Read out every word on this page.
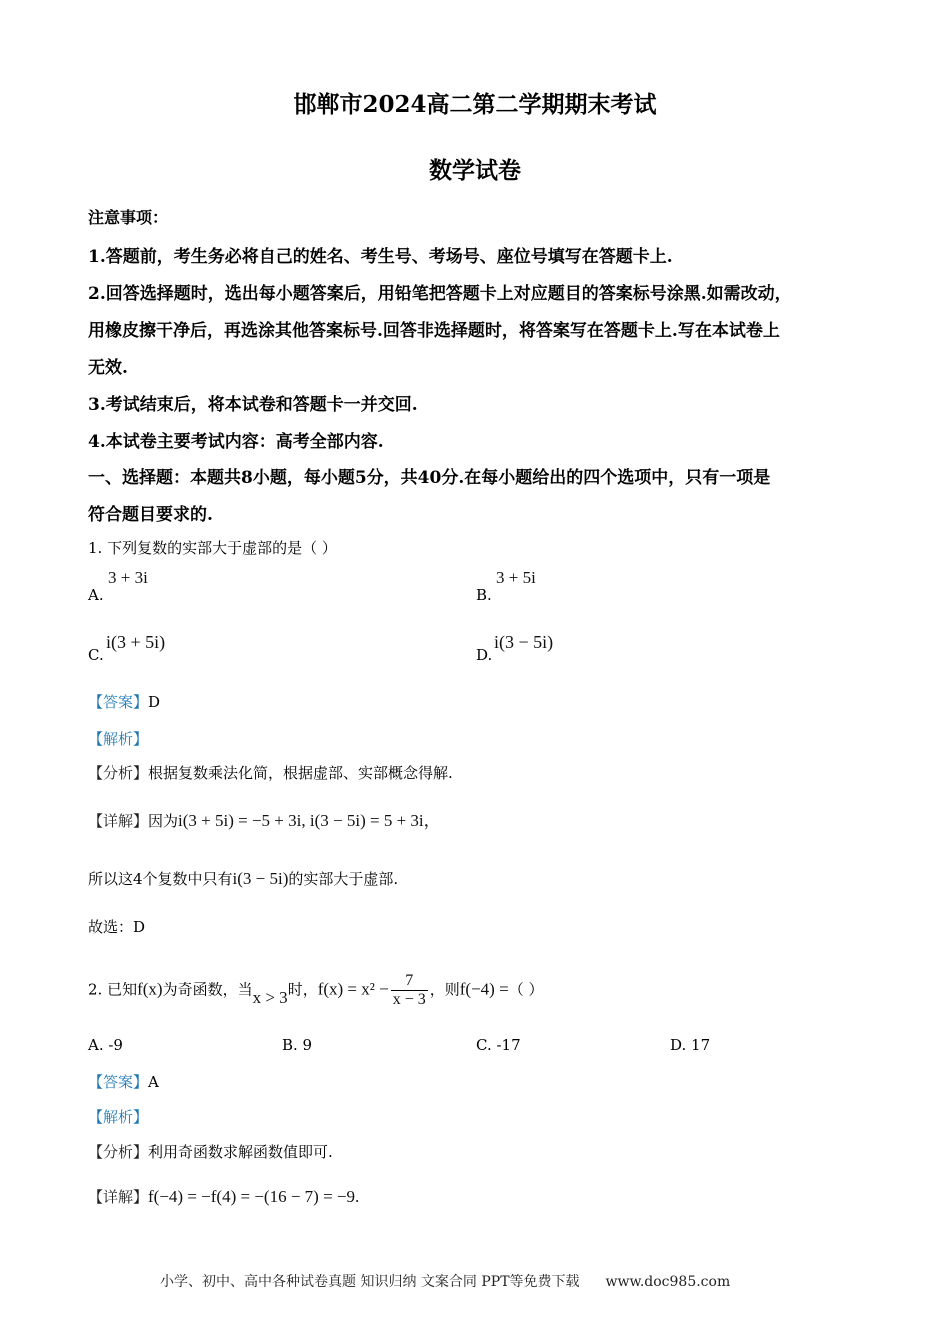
邯郸市2024高二第二学期期末考试
数学试卷
注意事项：
1.答题前，考生务必将自己的姓名、考生号、考场号、座位号填写在答题卡上.
2.回答选择题时，选出每小题答案后，用铅笔把答题卡上对应题目的答案标号涂黑.如需改动，
用橡皮擦干净后，再选涂其他答案标号.回答非选择题时，将答案写在答题卡上.写在本试卷上
无效.
3.考试结束后，将本试卷和答题卡一并交回.
4.本试卷主要考试内容：高考全部内容.
一、选择题：本题共8小题，每小题5分，共40分.在每小题给出的四个选项中，只有一项是
符合题目要求的.
1. 下列复数的实部大于虚部的是（ ）
A.
3 + 3i
B.
3 + 5i
C.
i(3 + 5i)
D.
i(3 − 5i)
【答案】D
【解析】
【分析】根据复数乘法化简，根据虚部、实部概念得解.
【详解】因为i(3 + 5i) = −5 + 3i, i(3 − 5i) = 5 + 3i，
所以这4个复数中只有i(3 − 5i)的实部大于虚部.
故选：D
2. 已知f(x)为奇函数，当x > 3时，$f(x) = x^2 - \frac{7}{x - 3}$ ，则f(−4) =（ ）
A. -9	B. 9	C. -17	D. 17
【答案】A
【解析】
【分析】利用奇函数求解函数值即可.
【详解】f(−4) = −f(4) = −(16 − 7) = −9.
小学、初中、高中各种试卷真题 知识归纳 文案合同 PPT等免费下载 www.doc985.com
